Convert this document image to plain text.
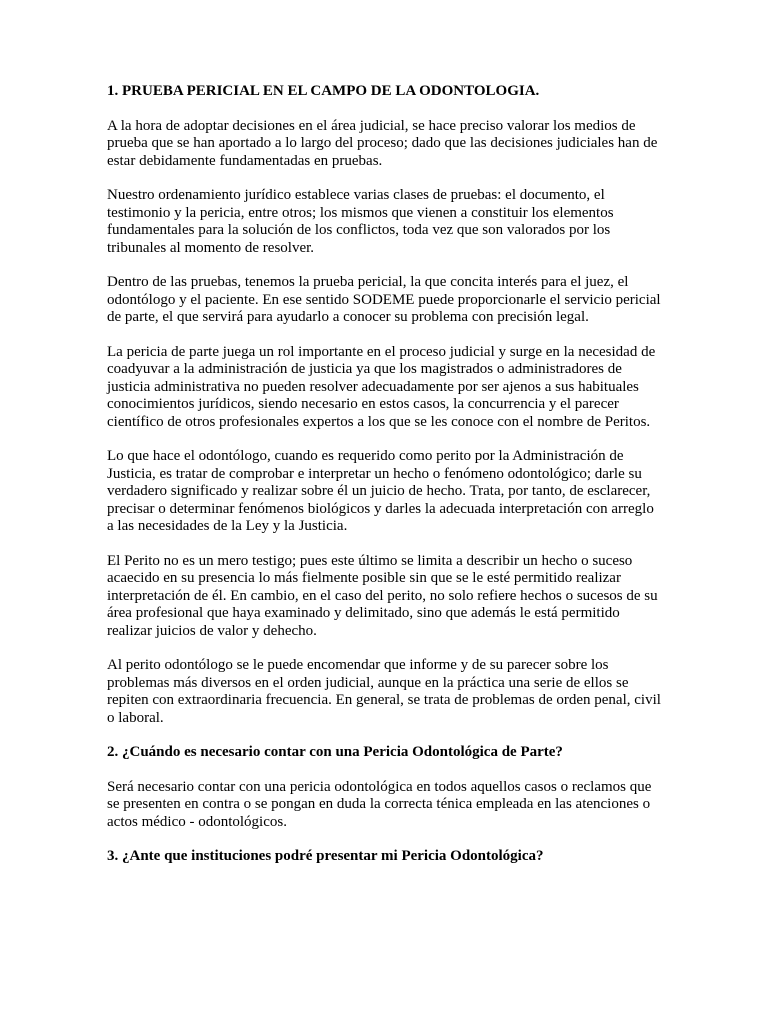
1. PRUEBA PERICIAL EN EL CAMPO DE LA ODONTOLOGIA.

A la hora de adoptar decisiones en el área judicial, se hace preciso valorar los medios de prueba que se han aportado a lo largo del proceso; dado que las decisiones judiciales han de estar debidamente fundamentadas en pruebas.

Nuestro ordenamiento jurídico establece varias clases de pruebas: el documento, el testimonio y la pericia, entre otros; los mismos que vienen a constituir los elementos fundamentales para la solución de los conflictos, toda vez que son valorados por los tribunales al momento de resolver.

Dentro de las pruebas, tenemos la prueba pericial, la que concita interés para el juez, el odontólogo y el paciente. En ese sentido SODEME puede proporcionarle el servicio pericial de parte, el que servirá para ayudarlo a conocer su problema con precisión legal.

La pericia de parte juega un rol importante en el proceso judicial y surge en la necesidad de coadyuvar a la administración de justicia ya que los magistrados o administradores de justicia administrativa no pueden resolver adecuadamente por ser ajenos a sus habituales conocimientos jurídicos, siendo necesario en estos casos, la concurrencia y el parecer científico de otros profesionales expertos a los que se les conoce con el nombre de Peritos.

Lo que hace el odontólogo, cuando es requerido como perito por la Administración de Justicia, es tratar de comprobar e interpretar un hecho o fenómeno odontológico; darle su verdadero significado y realizar sobre él un juicio de hecho. Trata, por tanto, de esclarecer, precisar o determinar fenómenos biológicos y darles la adecuada interpretación con arreglo a las necesidades de la Ley y la Justicia.

El Perito no es un mero testigo; pues este último se limita a describir un hecho o suceso acaecido en su presencia lo más fielmente posible sin que se le esté permitido realizar interpretación de él. En cambio, en el caso del perito, no solo refiere hechos o sucesos de su área profesional que haya examinado y delimitado, sino que además le está permitido realizar juicios de valor y dehecho.

Al perito odontólogo se le puede encomendar que informe y de su parecer sobre los problemas más diversos en el orden judicial, aunque en la práctica una serie de ellos se repiten con extraordinaria frecuencia. En general, se trata de problemas de orden penal, civil o laboral.

2. ¿Cuándo es necesario contar con una Pericia Odontológica de Parte?

Será necesario contar con una pericia odontológica en todos aquellos casos o reclamos que se presenten en contra o se pongan en duda la correcta ténica empleada en las atenciones o actos médico - odontológicos.

3. ¿Ante que instituciones podré presentar mi Pericia Odontológica?
